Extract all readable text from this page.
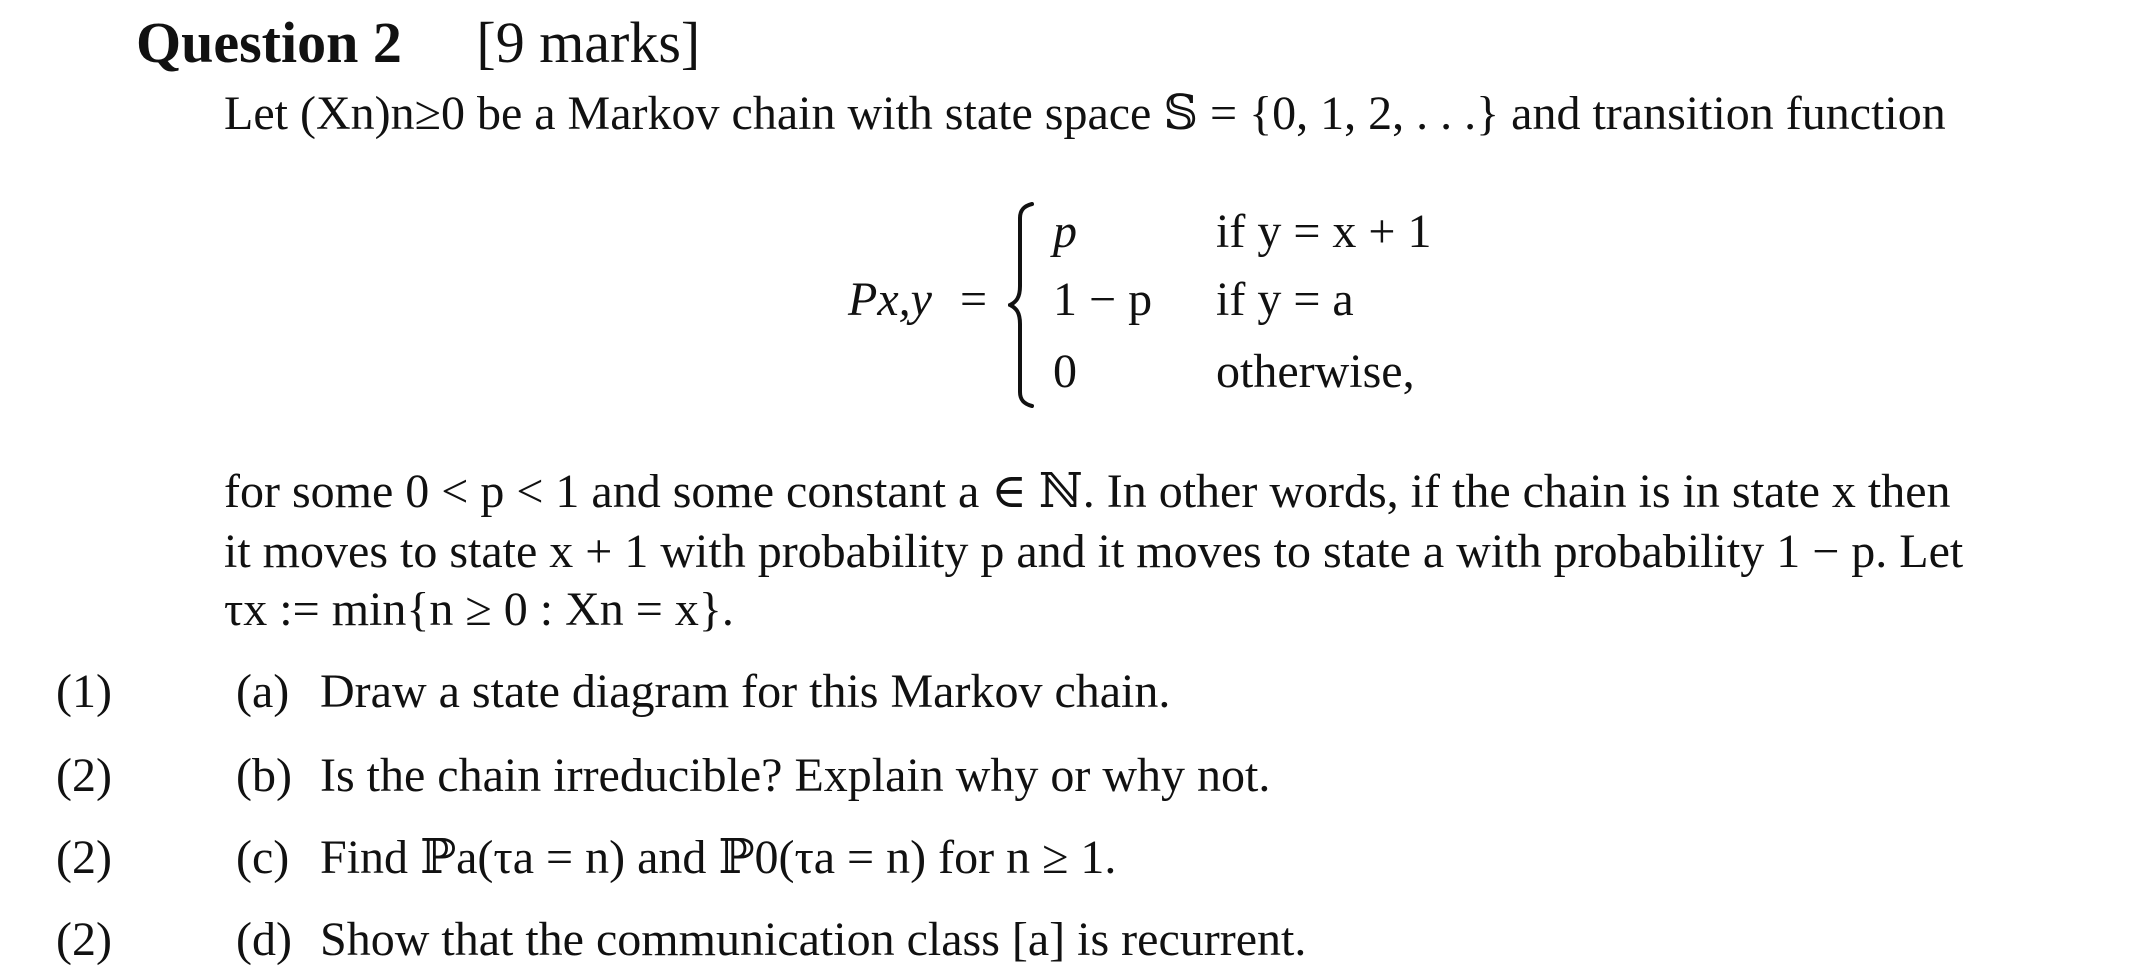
Question 2 [9 marks]
Let (Xn)n≥0 be a Markov chain with state space 𝕊 = {0, 1, 2, . . .} and transition function
Px,y =
p	if y = x + 1
1 − p if y = a
0	otherwise,
for some 0 < p < 1 and some constant a ∈ ℕ. In other words, if the chain is in state x then
it moves to state x + 1 with probability p and it moves to state a with probability 1 − p. Let
τx := min{n ≥ 0 : Xn = x}.
(1)	(a) Draw a state diagram for this Markov chain.
(2)	(b) Is the chain irreducible? Explain why or why not.
(2)	(c) Find ℙa(τa = n) and ℙ0(τa = n) for n ≥ 1.
(2)	(d) Show that the communication class [a] is recurrent.
